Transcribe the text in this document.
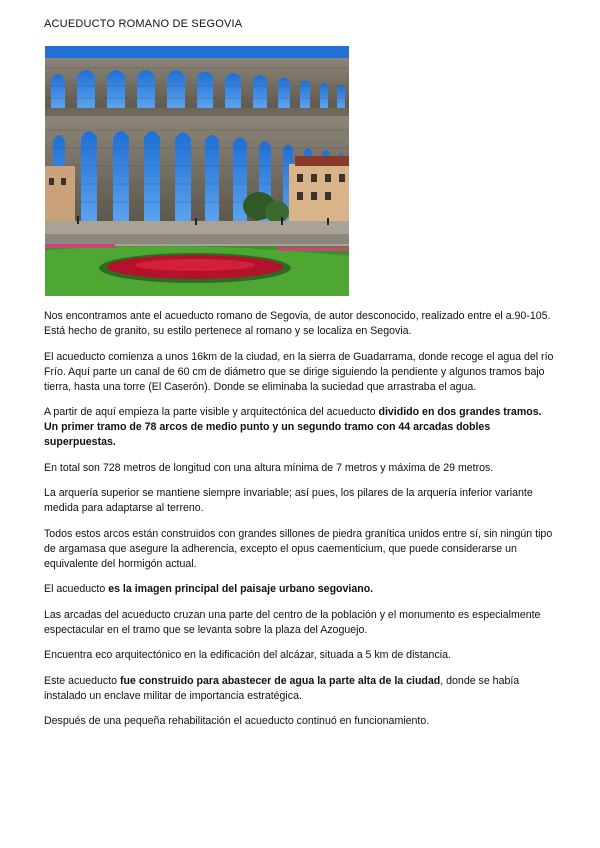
ACUEDUCTO ROMANO DE SEGOVIA

Nos encontramos ante el acueducto romano de Segovia, de autor desconocido, realizado entre el a.90-105. Está hecho de granito, su estilo pertenece al romano y se localiza en Segovia.

El acueducto comienza a unos 16km de la ciudad, en la sierra de Guadarrama, donde recoge el agua del río Frío. Aquí parte un canal de 60 cm de diámetro que se dirige siguiendo la pendiente y algunos tramos bajo tierra, hasta una torre (El Caserón). Donde se eliminaba la suciedad que arrastraba el agua.

A partir de aquí empieza la parte visible y arquitectónica del acueducto dividido en dos grandes tramos. Un primer tramo de 78 arcos de medio punto y un segundo tramo con 44 arcadas dobles superpuestas.

En total son 728 metros de longitud con una altura mínima de 7 metros y máxima de 29 metros.

La arquería superior se mantiene siempre invariable; así pues, los pilares de la arquería inferior variante medida para adaptarse al terreno.

Todos estos arcos están construidos con grandes sillones de piedra granítica unidos entre sí, sin ningún tipo de argamasa que asegure la adherencia, excepto el opus caementicium, que puede considerarse un equivalente del hormigón actual.

El acueducto es la imagen principal del paisaje urbano segoviano.

Las arcadas del acueducto cruzan una parte del centro de la población y el monumento es especialmente espectacular en el tramo que se levanta sobre la plaza del Azoguejo.

Encuentra eco arquitectónico en la edificación del alcázar, situada a 5 km de distancia.

Este acueducto fue construido para abastecer de agua la parte alta de la ciudad, donde se había instalado un enclave militar de importancia estratégica.

Después de una pequeña rehabilitación el acueducto continuó en funcionamiento.
